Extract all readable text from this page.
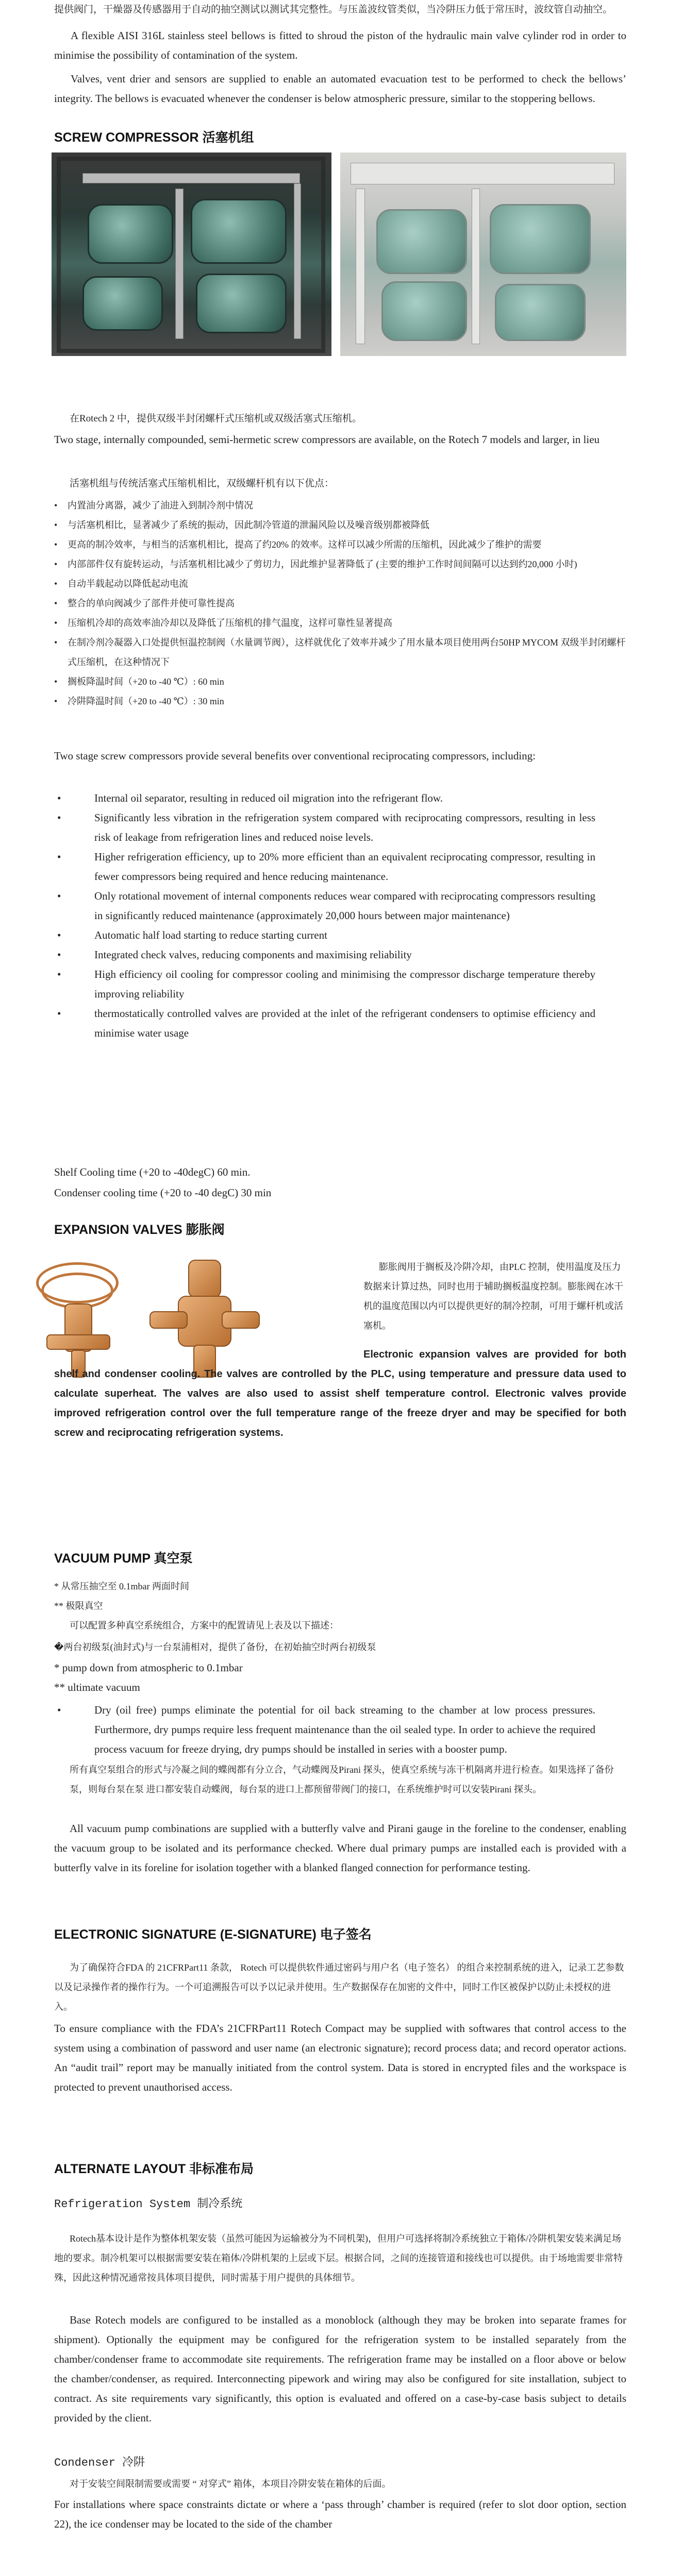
提供阀门，干燥器及传感器用于自动的抽空测试以测试其完整性。与压盖波纹管类似，当冷阱压力低于常压时，波纹管自动抽空。

A flexible AISI 316L stainless steel bellows is fitted to shroud the piston of the hydraulic main valve cylinder rod in order to minimise the possibility of contamination of the system.

Valves, vent drier and sensors are supplied to enable an automated evacuation test to be performed to check the bellows’ integrity. The bellows is evacuated whenever the condenser is below atmospheric pressure, similar to the stoppering bellows.

SCREW COMPRESSOR 活塞机组

在Rotech 2 中，提供双级半封闭螺杆式压缩机或双级活塞式压缩机。

Two stage, internally compounded, semi-hermetic screw compressors are available, on the Rotech 7 models and larger, in lieu

活塞机组与传统活塞式压缩机相比，双级螺杆机有以下优点：

• 内置油分离器，减少了油进入到制冷剂中情况
• 与活塞机相比，显著减少了系统的振动，因此制冷管道的泄漏风险以及噪音级别都被降低
• 更高的制冷效率，与相当的活塞机相比，提高了约20% 的效率。这样可以减少所需的压缩机，因此减少了维护的需要
• 内部部件仅有旋转运动，与活塞机相比减少了剪切力，因此维护显著降低了 (主要的维护工作时间间隔可以达到约20,000 小时)
• 自动半载起动以降低起动电流
• 整合的单向阀减少了部件并使可靠性提高
• 压缩机冷却的高效率油冷却以及降低了压缩机的排气温度，这样可靠性显著提高
• 在制冷剂冷凝器入口处提供恒温控制阀（水量调节阀），这样就优化了效率并减少了用水量本项目使用两台50HP MYCOM 双级半封闭螺杆式压缩机，在这种情况下
• 搁板降温时间（+20 to -40 ℃）: 60 min
• 冷阱降温时间（+20 to -40 ℃）: 30 min

Two stage screw compressors provide several benefits over conventional reciprocating compressors, including:

• Internal oil separator, resulting in reduced oil migration into the refrigerant flow.
• Significantly less vibration in the refrigeration system compared with reciprocating compressors, resulting in less risk of leakage from refrigeration lines and reduced noise levels.
• Higher refrigeration efficiency, up to 20% more efficient than an equivalent reciprocating compressor, resulting in fewer compressors being required and hence reducing maintenance.
• Only rotational movement of internal components reduces wear compared with reciprocating compressors resulting in significantly reduced maintenance (approximately 20,000 hours between major maintenance)
• Automatic half load starting to reduce starting current
• Integrated check valves, reducing components and maximising reliability
• High efficiency oil cooling for compressor cooling and minimising the compressor discharge temperature thereby improving reliability
• thermostatically controlled valves are provided at the inlet of the refrigerant condensers to optimise efficiency and minimise water usage

Shelf Cooling time (+20 to -40degC) 60 min.

Condenser cooling time (+20 to -40 degC) 30 min

EXPANSION VALVES 膨胀阀

膨胀阀用于搁板及冷阱冷却，由PLC 控制，使用温度及压力数据来计算过热，同时也用于辅助搁板温度控制。膨胀阀在冰干机的温度范围以内可以提供更好的制冷控制，可用于螺杆机或活塞机。

Electronic expansion valves are provided for both shelf and condenser cooling. The valves are controlled by the PLC, using temperature and pressure data used to calculate superheat. The valves are also used to assist shelf temperature control. Electronic valves provide improved refrigeration control over the full temperature range of the freeze dryer and may be specified for both screw and reciprocating refrigeration systems.

VACUUM PUMP 真空泵

* 从常压抽空至 0.1mbar 两面时间

** 极限真空

可以配置多种真空系统组合，方案中的配置请见上表及以下描述：

�两台初级泵(油封式)与一台泵浦相对，提供了备份，在初始抽空时两台初级泵

* pump down from atmospheric to 0.1mbar

** ultimate vacuum

• Dry (oil free) pumps eliminate the potential for oil back streaming to the chamber at low process pressures. Furthermore, dry pumps require less frequent maintenance than the oil sealed type. In order to achieve the required process vacuum for freeze drying, dry pumps should be installed in series with a booster pump.

所有真空泵组合的形式与冷凝之间的蝶阀都有分立合，气动蝶阀及Pirani 探头，使真空系统与冻干机隔离并进行检查。如果选择了备份泵，则每台泵在泵 进口都安装自动蝶阀，每台泵的进口上都预留带阀门的接口，在系统维护时可以安装Pirani 探头。

All vacuum pump combinations are supplied with a butterfly valve and Pirani gauge in the foreline to the condenser, enabling the vacuum group to be isolated and its performance checked. Where dual primary pumps are installed each is provided with a butterfly valve in its foreline for isolation together with a blanked flanged connection for performance testing.

ELECTRONIC SIGNATURE (E-SIGNATURE) 电子签名

为了确保符合FDA 的 21CFRPart11 条款， Rotech 可以提供软件通过密码与用户名（电子签名） 的组合来控制系统的进入，记录工艺参数以及记录操作者的操作行为。一个可追溯报告可以予以记录并使用。生产数据保存在加密的文件中，同时工作区被保护以防止未授权的进入。

To ensure compliance with the FDA’s 21CFRPart11 Rotech Compact may be supplied with softwares that control access to the system using a combination of password and user name (an electronic signature); record process data; and record operator actions. An “audit trail” report may be manually initiated from the control system. Data is stored in encrypted files and the workspace is protected to prevent unauthorised access.

ALTERNATE LAYOUT 非标准布局

Refrigeration System 制冷系统

Rotech基本设计是作为整体机架安装（虽然可能因为运输被分为不同机架)，但用户可选择将制冷系统独立于箱体/冷阱机架安装来满足场地的要求。制冷机架可以根据需要安装在箱体/冷阱机架的上层或下层。根据合同，之间的连接管道和接线也可以提供。由于场地需要非常特殊，因此这种情况通常按具体项目提供，同时需基于用户提供的具体细节。

Base Rotech models are configured to be installed as a monoblock (although they may be broken into separate frames for shipment). Optionally the equipment may be configured for the refrigeration system to be installed separately from the chamber/condenser frame to accommodate site requirements. The refrigeration frame may be installed on a floor above or below the chamber/condenser, as required. Interconnecting pipework and wiring may also be configured for site installation, subject to contract. As site requirements vary significantly, this option is evaluated and offered on a case-by-case basis subject to details provided by the client.

Condenser 冷阱

对于安装空间限制需要或需要 “ 对穿式” 箱体，本项目冷阱安装在箱体的后面。

For installations where space constraints dictate or where a ‘pass through’ chamber is required (refer to slot door option, section 22), the ice condenser may be located to the side of the chamber
